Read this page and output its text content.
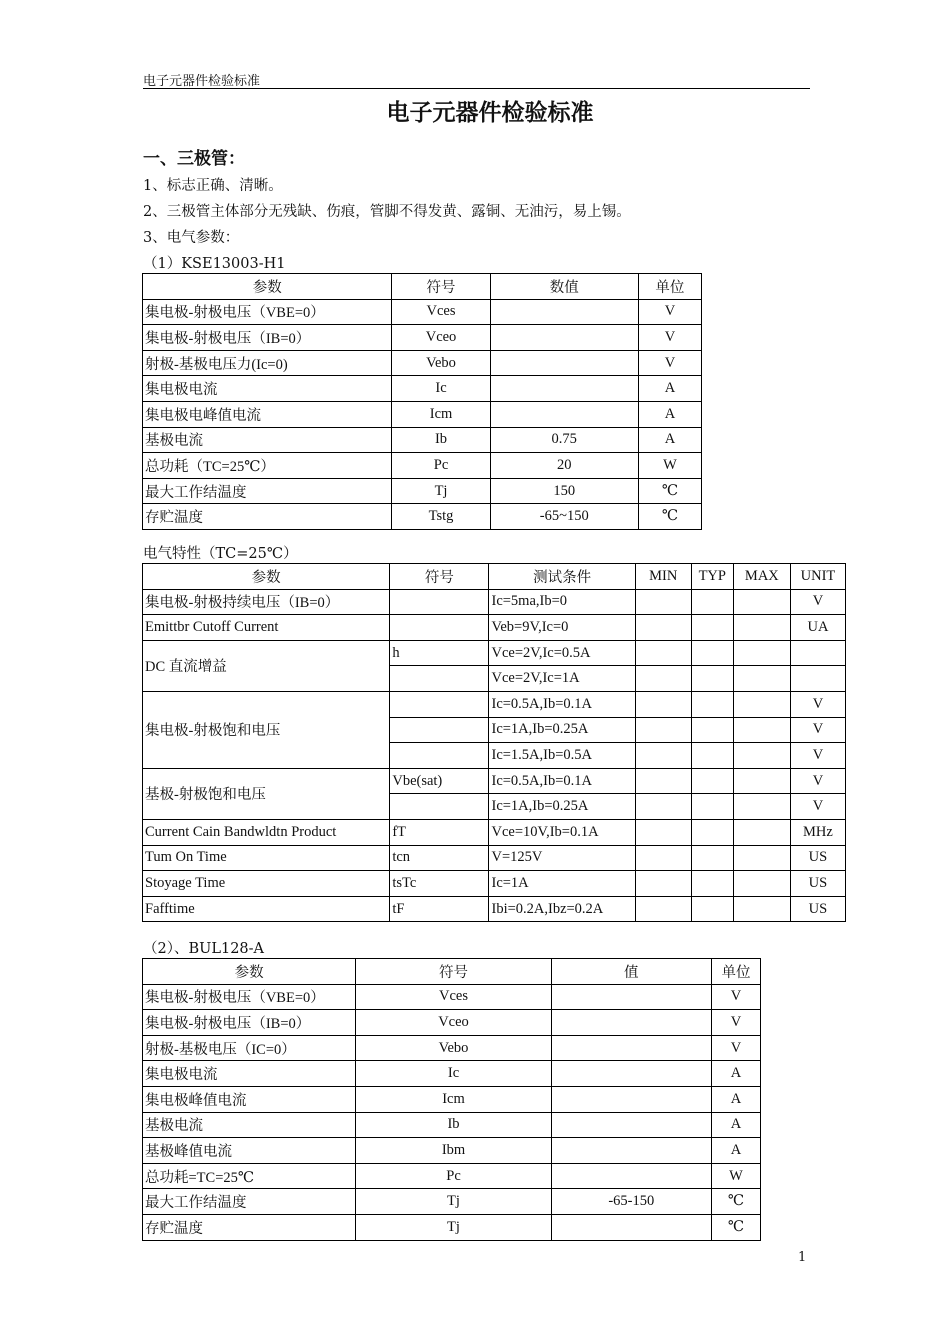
电子元器件检验标准
电子元器件检验标准
一、三极管：
1、标志正确、清晰。
2、三极管主体部分无残缺、伤痕，管脚不得发黄、露铜、无油污，易上锡。
3、电气参数：
（1）KSE13003-H1
参数	符号	数值	单位
集电极-射极电压（VBE=0）	Vces		V
集电极-射极电压（IB=0）	Vceo		V
射极-基极电压力(Ic=0)	Vebo		V
集电极电流	Ic		A
集电极电峰值电流	Icm		A
基极电流	Ib	0.75	A
总功耗（TC=25℃）	Pc	20	W
最大工作结温度	Tj	150	℃
存贮温度	Tstg	-65~150	℃
电气特性（TC=25℃）
参数	符号	测试条件	MIN	TYP	MAX	UNIT
集电极-射极持续电压（IB=0）		Ic=5ma,Ib=0				V
Emittbr Cutoff Current		Veb=9V,Ic=0				UA
DC 直流增益	h	Vce=2V,Ic=0.5A				
		Vce=2V,Ic=1A				
集电极-射极饱和电压		Ic=0.5A,Ib=0.1A				V
		Ic=1A,Ib=0.25A				V
		Ic=1.5A,Ib=0.5A				V
基极-射极饱和电压	Vbe(sat)	Ic=0.5A,Ib=0.1A				V
		Ic=1A,Ib=0.25A				V
Current Cain Bandwldtn Product	fT	Vce=10V,Ib=0.1A				MHz
Tum On Time	tcn	V=125V				US
Stoyage Time	tsTc	Ic=1A				US
Fafftime	tF	Ibi=0.2A,Ibz=0.2A				US
（2）、BUL128-A
参数	符号	值	单位
集电极-射极电压（VBE=0）	Vces		V
集电极-射极电压（IB=0）	Vceo		V
射极-基极电压（IC=0）	Vebo		V
集电极电流	Ic		A
集电极峰值电流	Icm		A
基极电流	Ib		A
基极峰值电流	Ibm		A
总功耗=TC=25℃	Pc		W
最大工作结温度	Tj	-65-150	℃
存贮温度	Tj		℃
1
